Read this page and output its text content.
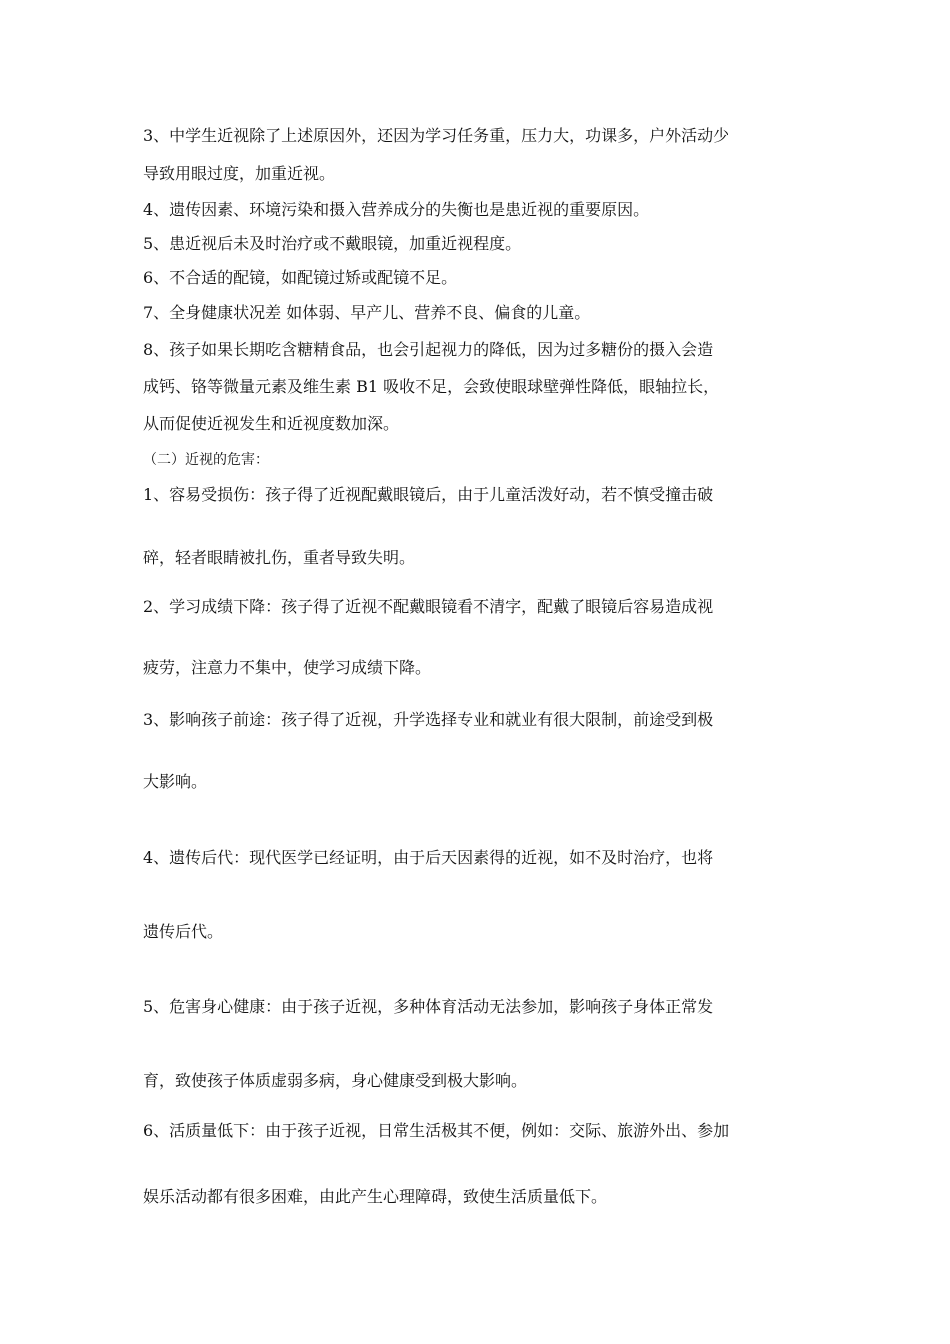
3、中学生近视除了上述原因外，还因为学习任务重，压力大，功课多，户外活动少
导致用眼过度，加重近视。
4、遗传因素、环境污染和摄入营养成分的失衡也是患近视的重要原因。
5、患近视后未及时治疗或不戴眼镜，加重近视程度。
6、不合适的配镜，如配镜过矫或配镜不足。
7、全身健康状况差 如体弱、早产儿、营养不良、偏食的儿童。
8、孩子如果长期吃含糖精食品，也会引起视力的降低，因为过多糖份的摄入会造
成钙、铬等微量元素及维生素 B1 吸收不足，会致使眼球壁弹性降低，眼轴拉长，
从而促使近视发生和近视度数加深。
（二）近视的危害：
1、容易受损伤：孩子得了近视配戴眼镜后，由于儿童活泼好动，若不慎受撞击破
碎，轻者眼睛被扎伤，重者导致失明。
2、学习成绩下降：孩子得了近视不配戴眼镜看不清字，配戴了眼镜后容易造成视
疲劳，注意力不集中，使学习成绩下降。
3、影响孩子前途：孩子得了近视，升学选择专业和就业有很大限制，前途受到极
大影响。
4、遗传后代：现代医学已经证明，由于后天因素得的近视，如不及时治疗，也将
遗传后代。
5、危害身心健康：由于孩子近视，多种体育活动无法参加，影响孩子身体正常发
育，致使孩子体质虚弱多病，身心健康受到极大影响。
6、活质量低下：由于孩子近视，日常生活极其不便，例如：交际、旅游外出、参加
娱乐活动都有很多困难，由此产生心理障碍，致使生活质量低下。
